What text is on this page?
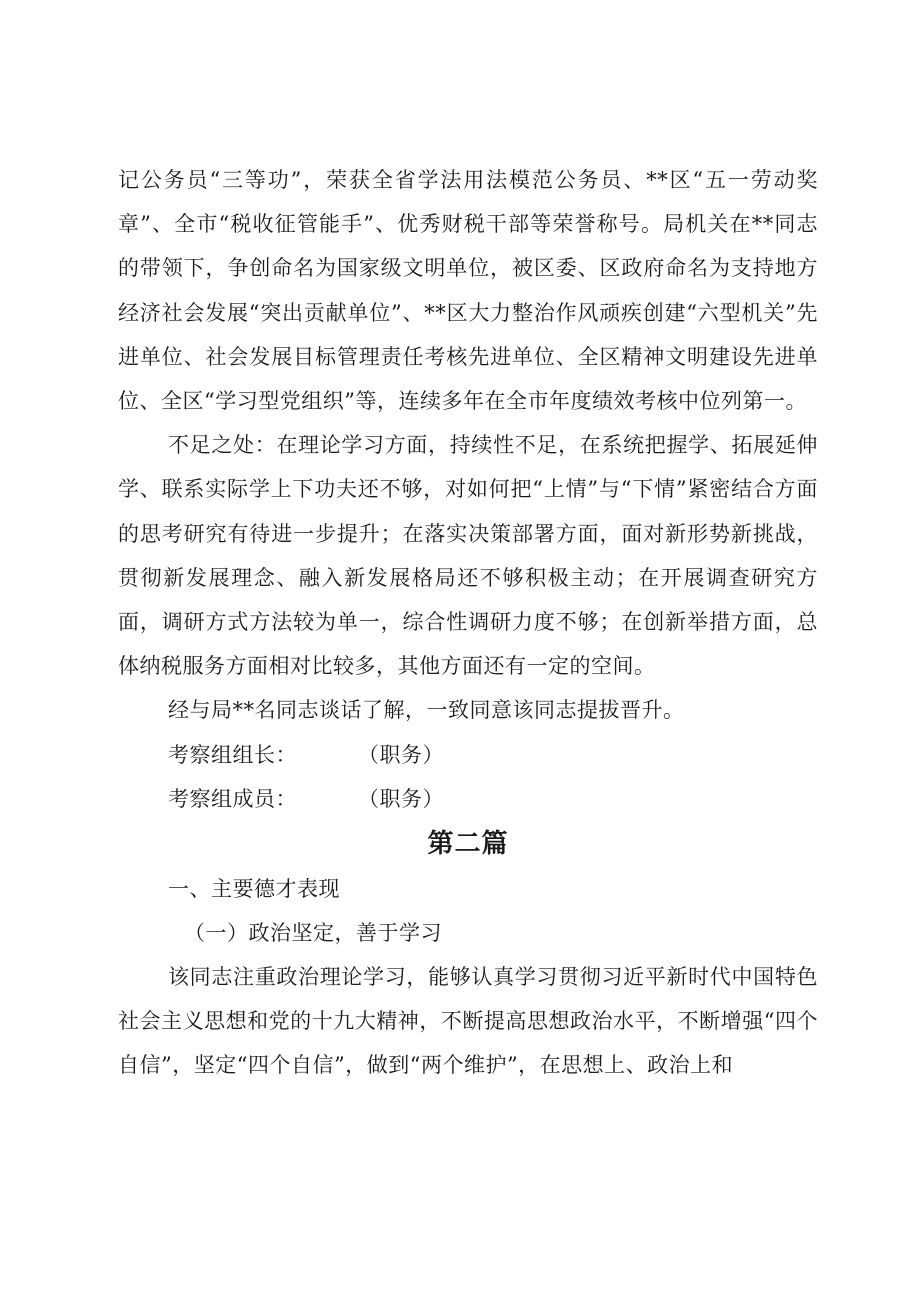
记公务员“三等功”，荣获全省学法用法模范公务员、**区“五一劳动奖章”、全市“税收征管能手”、优秀财税干部等荣誉称号。局机关在**同志的带领下，争创命名为国家级文明单位，被区委、区政府命名为支持地方经济社会发展“突出贡献单位”、**区大力整治作风顽疾创建“六型机关”先进单位、社会发展目标管理责任考核先进单位、全区精神文明建设先进单位、全区“学习型党组织”等，连续多年在全市年度绩效考核中位列第一。

不足之处：在理论学习方面，持续性不足，在系统把握学、拓展延伸学、联系实际学上下功夫还不够，对如何把“上情”与“下情”紧密结合方面的思考研究有待进一步提升；在落实决策部署方面，面对新形势新挑战，贯彻新发展理念、融入新发展格局还不够积极主动；在开展调查研究方面，调研方式方法较为单一，综合性调研力度不够；在创新举措方面，总体纳税服务方面相对比较多，其他方面还有一定的空间。

经与局**名同志谈话了解，一致同意该同志提拔晋升。

考察组组长：	（职务）
考察组成员：	（职务）
第二篇

一、主要德才表现

（一）政治坚定，善于学习

该同志注重政治理论学习，能够认真学习贯彻习近平新时代中国特色社会主义思想和党的十九大精神，不断提高思想政治水平，不断增强“四个自信”，坚定“四个自信”，做到“两个维护”，在思想上、政治上和
